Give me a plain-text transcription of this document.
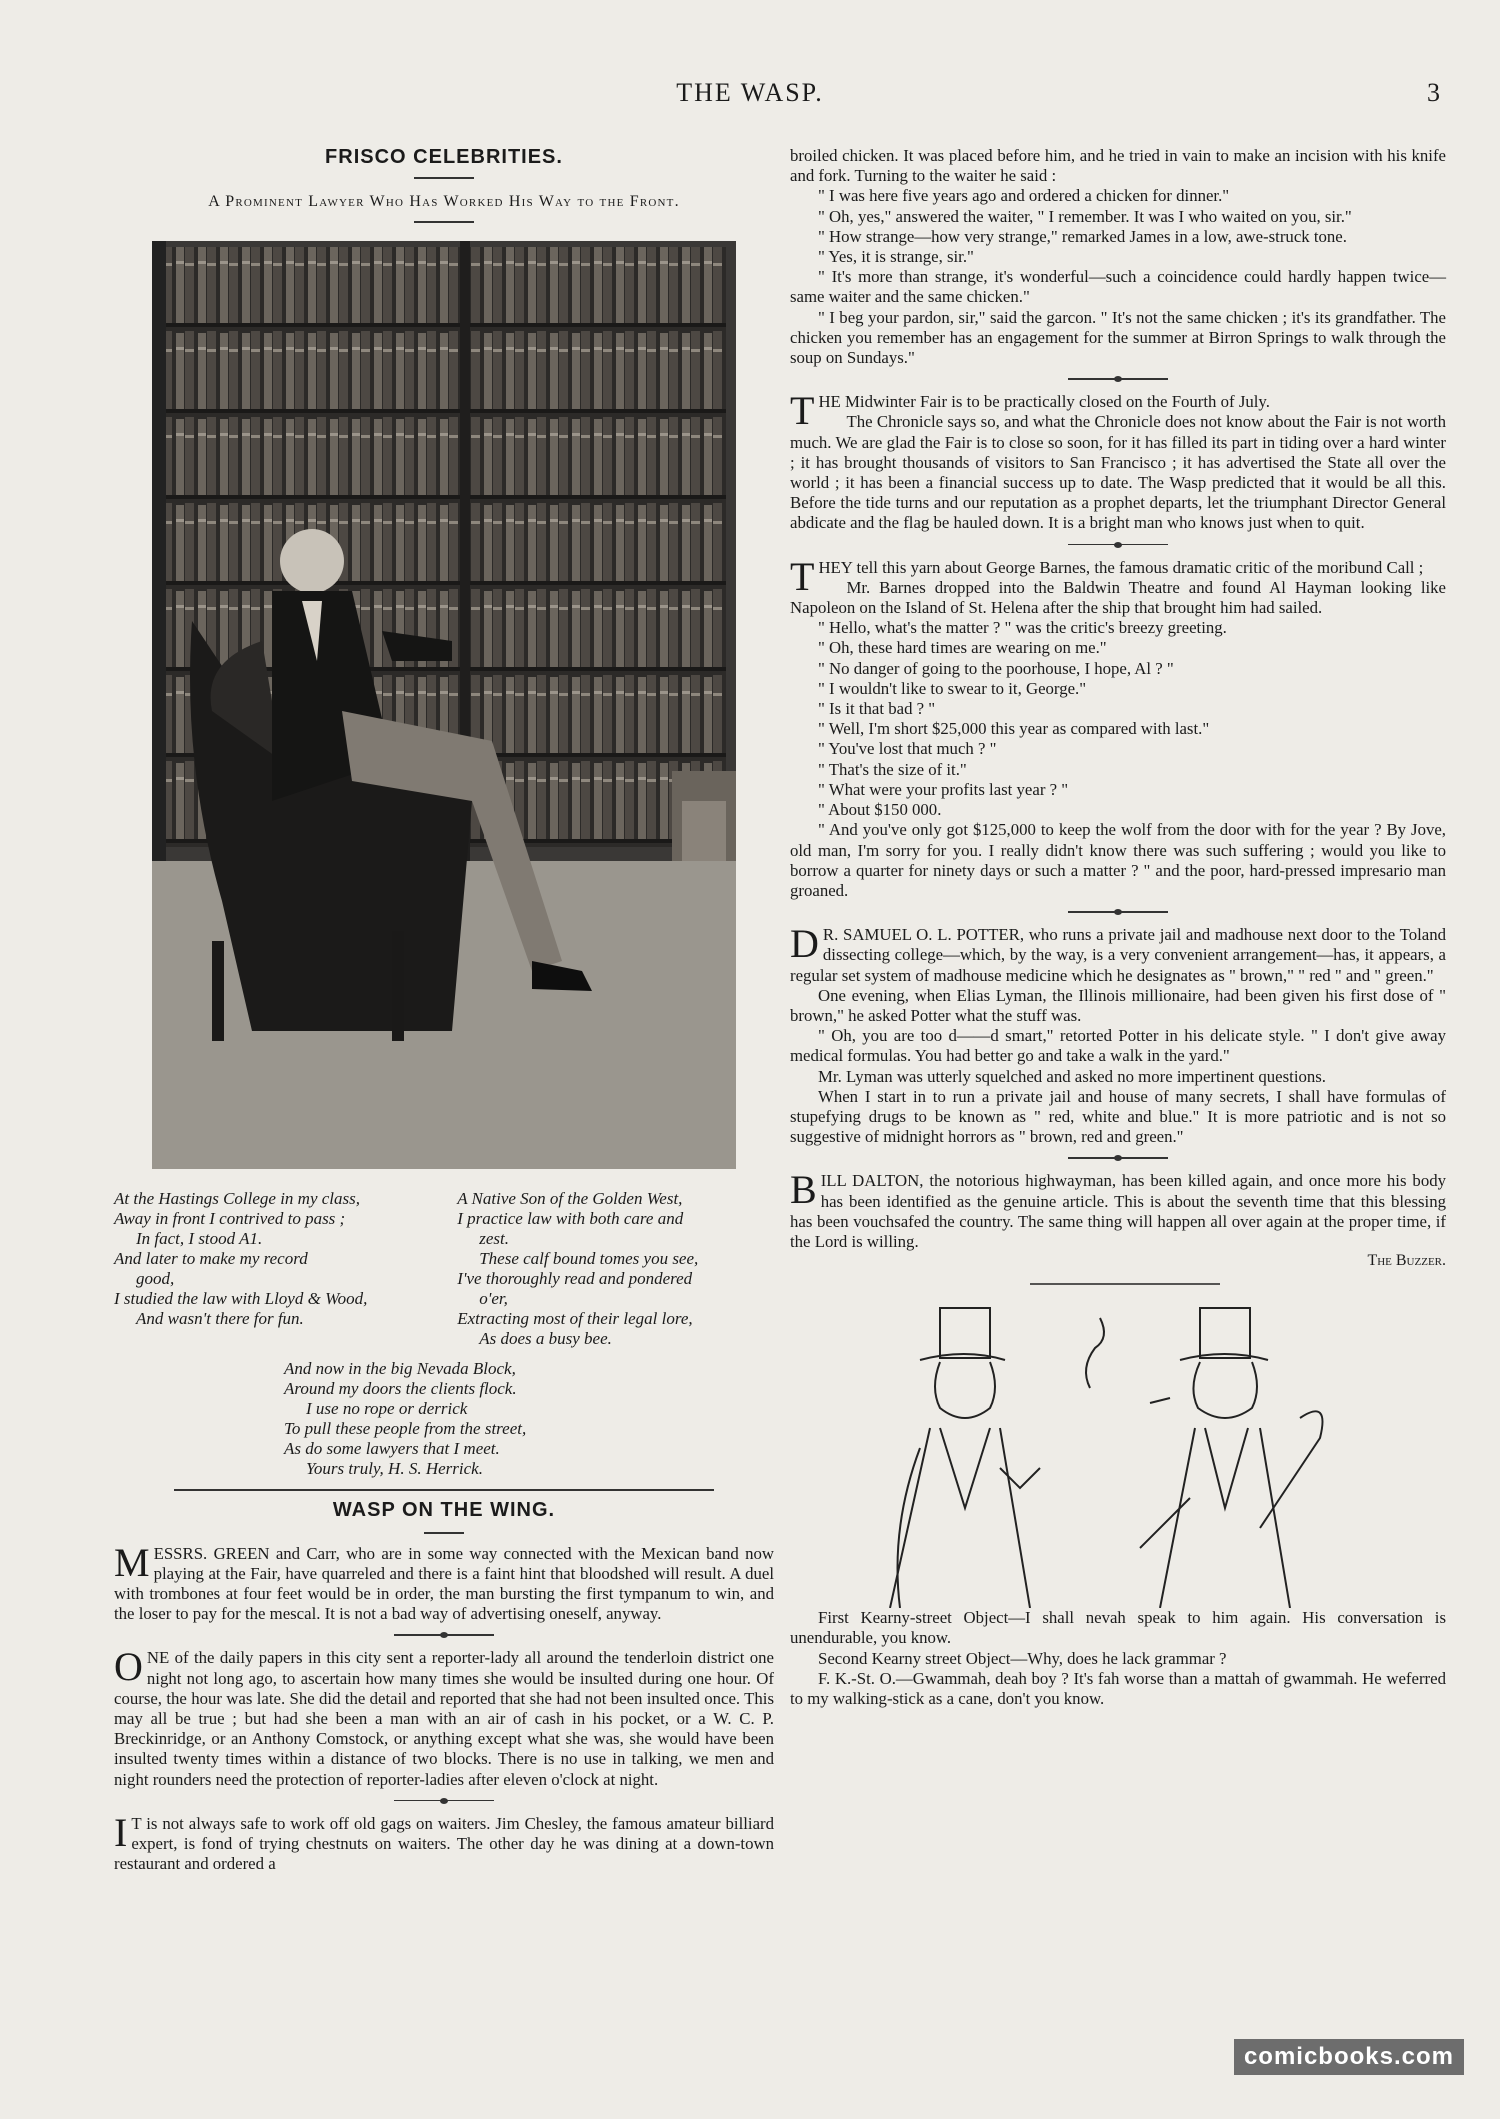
THE WASP.	3
FRISCO CELEBRITIES.
A Prominent Lawyer Who Has Worked His Way to the Front.
At the Hastings College in my class,
Away in front I contrived to pass ;
In fact, I stood A1.
And later to make my record
good,
I studied the law with Lloyd & Wood,
And wasn't there for fun.
A Native Son of the Golden West,
I practice law with both care and
zest.
These calf bound tomes you see,
I've thoroughly read and pondered
o'er,
Extracting most of their legal lore,
As does a busy bee.
And now in the big Nevada Block,
Around my doors the clients flock.
I use no rope or derrick
To pull these people from the street,
As do some lawyers that I meet.
Yours truly, H. S. Herrick.
WASP ON THE WING.

MESSRS. GREEN and Carr, who are in some way connected with the Mexican band now playing at the Fair, have quarreled and there is a faint hint that bloodshed will result. A duel with trombones at four feet would be in order, the man bursting the first tympanum to win, and the loser to pay for the mescal. It is not a bad way of advertising oneself, anyway.

ONE of the daily papers in this city sent a reporter-lady all around the tenderloin district one night not long ago, to ascertain how many times she would be insulted during one hour. Of course, the hour was late. She did the detail and reported that she had not been insulted once. This may all be true ; but had she been a man with an air of cash in his pocket, or a W. C. P. Breckinridge, or an Anthony Comstock, or anything except what she was, she would have been insulted twenty times within a distance of two blocks. There is no use in talking, we men and night rounders need the protection of reporter-ladies after eleven o'clock at night.

I T is not always safe to work off old gags on waiters. Jim Chesley, the famous amateur billiard expert, is fond of trying chestnuts on waiters. The other day he was dining at a down-town restaurant and ordered a

broiled chicken. It was placed before him, and he tried in vain to make an incision with his knife and fork. Turning to the waiter he said :

" I was here five years ago and ordered a chicken for dinner."

" Oh, yes," answered the waiter, " I remember. It was I who waited on you, sir."

" How strange—how very strange," remarked James in a low, awe-struck tone.

" Yes, it is strange, sir."

" It's more than strange, it's wonderful—such a coincidence could hardly happen twice—same waiter and the same chicken."

" I beg your pardon, sir," said the garcon. " It's not the same chicken ; it's its grandfather. The chicken you remember has an engagement for the summer at Birron Springs to walk through the soup on Sundays."

THE Midwinter Fair is to be practically closed on the Fourth of July.

The Chronicle says so, and what the Chronicle does not know about the Fair is not worth much. We are glad the Fair is to close so soon, for it has filled its part in tiding over a hard winter ; it has brought thousands of visitors to San Francisco ; it has advertised the State all over the world ; it has been a financial success up to date. The Wasp predicted that it would be all this. Before the tide turns and our reputation as a prophet departs, let the triumphant Director General abdicate and the flag be hauled down. It is a bright man who knows just when to quit.

THEY tell this yarn about George Barnes, the famous dramatic critic of the moribund Call ;

Mr. Barnes dropped into the Baldwin Theatre and found Al Hayman looking like Napoleon on the Island of St. Helena after the ship that brought him had sailed.

" Hello, what's the matter ? " was the critic's breezy greeting.

" Oh, these hard times are wearing on me."

" No danger of going to the poorhouse, I hope, Al ? "

" I wouldn't like to swear to it, George."

" Is it that bad ? "

" Well, I'm short $25,000 this year as compared with last."

" You've lost that much ? "

" That's the size of it."

" What were your profits last year ? "

" About $150 000.

" And you've only got $125,000 to keep the wolf from the door with for the year ? By Jove, old man, I'm sorry for you. I really didn't know there was such suffering ; would you like to borrow a quarter for ninety days or such a matter ? " and the poor, hard-pressed impresario man groaned.

D R. SAMUEL O. L. POTTER, who runs a private jail and madhouse next door to the Toland dissecting college—which, by the way, is a very convenient arrangement—has, it appears, a regular set system of madhouse medicine which he designates as " brown," " red " and " green."

One evening, when Elias Lyman, the Illinois millionaire, had been given his first dose of " brown," he asked Potter what the stuff was.

" Oh, you are too d——d smart," retorted Potter in his delicate style. " I don't give away medical formulas. You had better go and take a walk in the yard."

Mr. Lyman was utterly squelched and asked no more impertinent questions.

When I start in to run a private jail and house of many secrets, I shall have formulas of stupefying drugs to be known as " red, white and blue." It is more patriotic and is not so suggestive of midnight horrors as " brown, red and green."

BILL DALTON, the notorious highwayman, has been killed again, and once more his body has been identified as the genuine article. This is about the seventh time that this blessing has been vouchsafed the country. The same thing will happen all over again at the proper time, if the Lord is willing.

The Buzzer.

First Kearny-street Object—I shall nevah speak to him again. His conversation is unendurable, you know.

Second Kearny street Object—Why, does he lack grammar ?

F. K.-St. O.—Gwammah, deah boy ? It's fah worse than a mattah of gwammah. He weferred to my walking-stick as a cane, don't you know.

comicbooks.com
